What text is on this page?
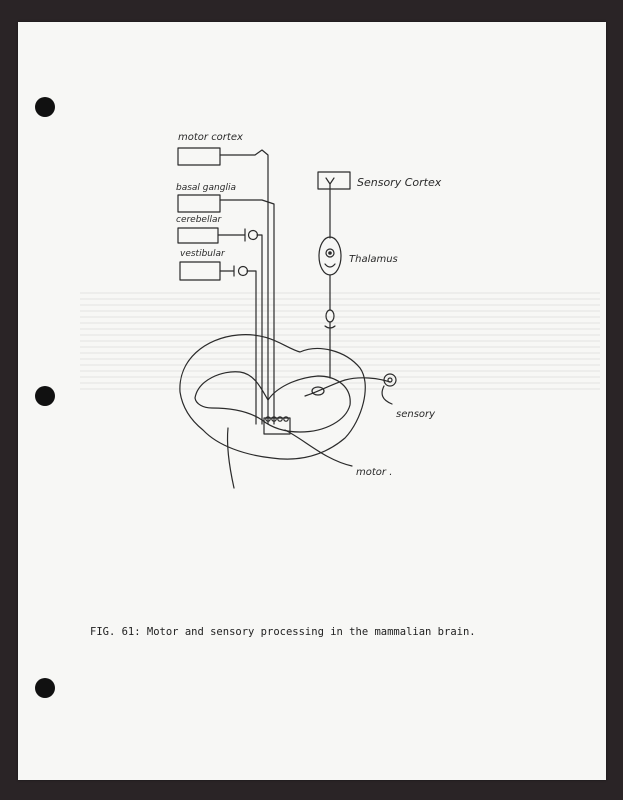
motor cortex
basal ganglia
cerebellar
vestibular
Sensory Cortex
Thalamus
sensory
motor .
FIG. 61: Motor and sensory processing in the mammalian brain.
